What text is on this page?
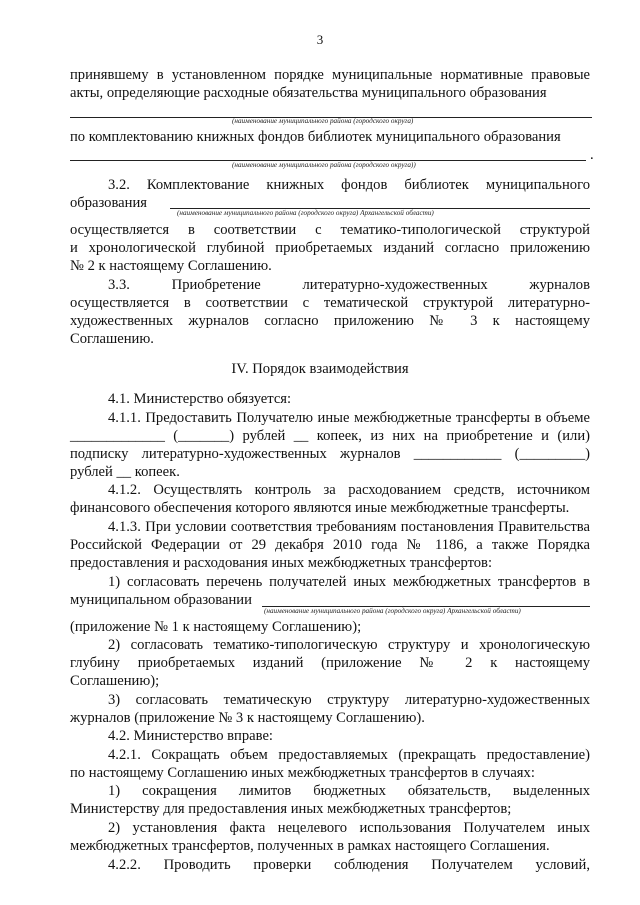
3
принявшему в установленном порядке муниципальные нормативные правовые
акты, определяющие расходные обязательства муниципального образования
(наименование муниципального района (городского округа)
по комплектованию книжных фондов библиотек муниципального образования
.
(наименование муниципального района (городского округа))
3.2. Комплектование книжных фондов библиотек муниципального
образования
(наименование муниципального района (городского округа) Архангельской области)
осуществляется в соответствии с тематико-типологической структурой
и хронологической глубиной приобретаемых изданий согласно приложению
№ 2 к настоящему Соглашению.
3.3. Приобретение литературно-художественных журналов
осуществляется в соответствии с тематической структурой литературно-
художественных журналов согласно приложению № 3 к настоящему
Соглашению.
IV. Порядок взаимодействия
4.1. Министерство обязуется:
4.1.1. Предоставить Получателю иные межбюджетные трансферты в объеме
_____________ (_______) рублей __ копеек, из них на приобретение и (или)
подписку литературно-художественных журналов ____________ (_________)
рублей __ копеек.
4.1.2. Осуществлять контроль за расходованием средств, источником
финансового обеспечения которого являются иные межбюджетные трансферты.
4.1.3. При условии соответствия требованиям постановления Правительства
Российской Федерации от 29 декабря 2010 года № 1186, а также Порядка
предоставления и расходования иных межбюджетных трансфертов:
1) согласовать перечень получателей иных межбюджетных трансфертов в
муниципальном образовании
(наименование муниципального района (городского округа) Архангельской области)
(приложение № 1 к настоящему Соглашению);
2) согласовать тематико-типологическую структуру и хронологическую
глубину приобретаемых изданий (приложение № 2 к настоящему
Соглашению);
3) согласовать тематическую структуру литературно-художественных
журналов (приложение № 3 к настоящему Соглашению).
4.2. Министерство вправе:
4.2.1. Сокращать объем предоставляемых (прекращать предоставление)
по настоящему Соглашению иных межбюджетных трансфертов в случаях:
1) сокращения лимитов бюджетных обязательств, выделенных
Министерству для предоставления иных межбюджетных трансфертов;
2) установления факта нецелевого использования Получателем иных
межбюджетных трансфертов, полученных в рамках настоящего Соглашения.
4.2.2. Проводить проверки соблюдения Получателем условий,
